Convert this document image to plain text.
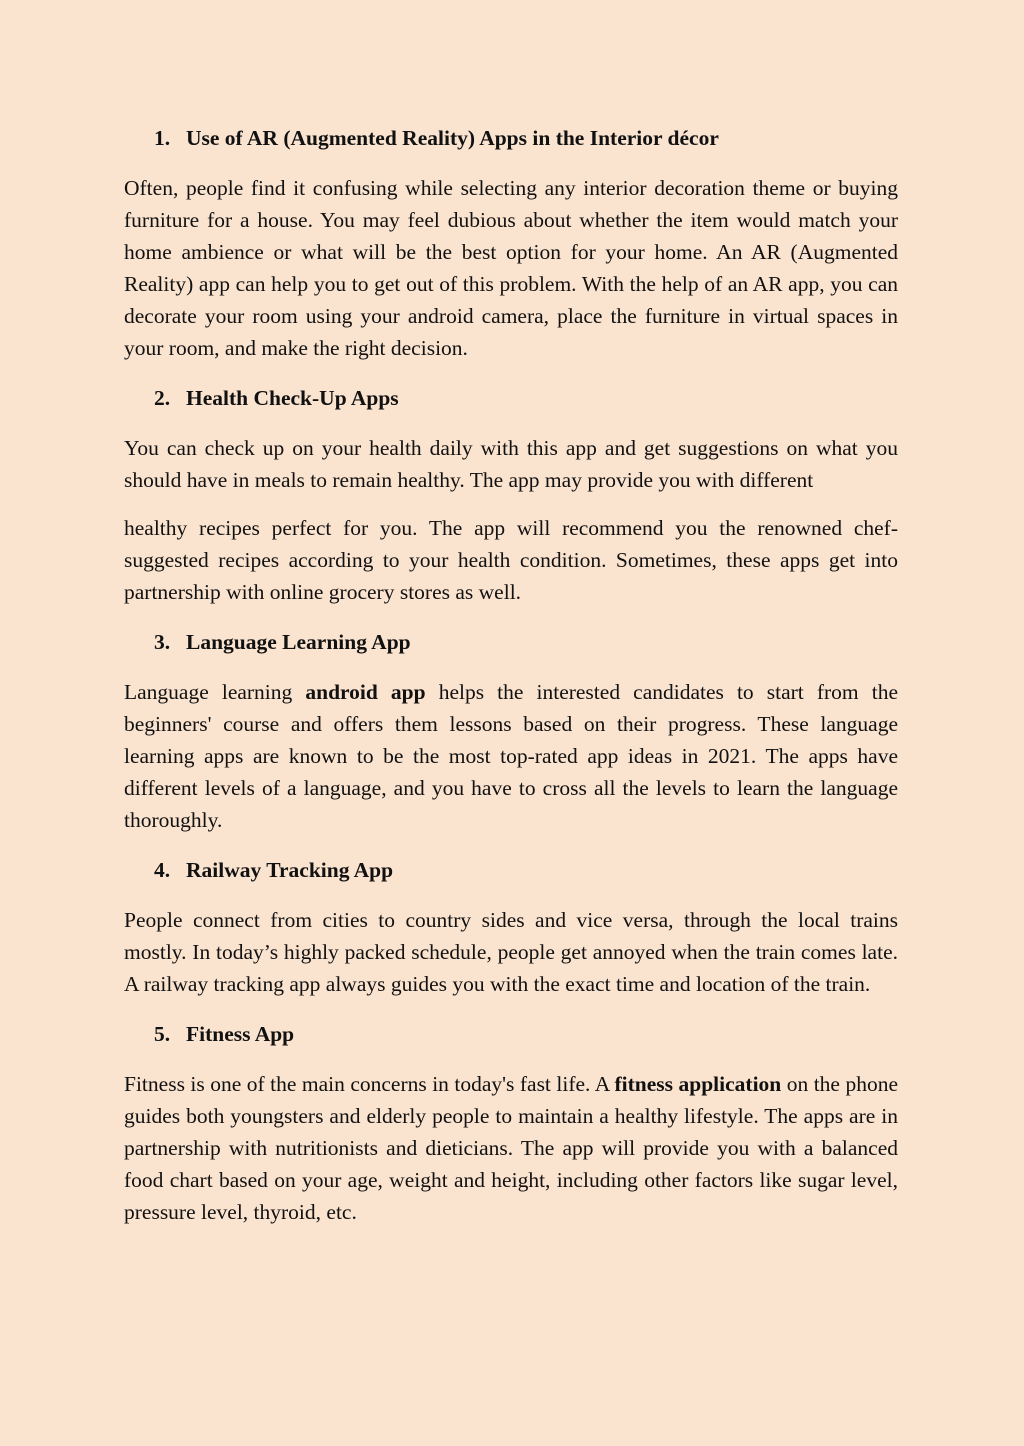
1. Use of AR (Augmented Reality) Apps in the Interior décor

Often, people find it confusing while selecting any interior decoration theme or buying furniture for a house. You may feel dubious about whether the item would match your home ambience or what will be the best option for your home. An AR (Augmented Reality) app can help you to get out of this problem. With the help of an AR app, you can decorate your room using your android camera, place the furniture in virtual spaces in your room, and make the right decision.

2. Health Check-Up Apps

You can check up on your health daily with this app and get suggestions on what you should have in meals to remain healthy. The app may provide you with different

healthy recipes perfect for you. The app will recommend you the renowned chef-suggested recipes according to your health condition. Sometimes, these apps get into partnership with online grocery stores as well.

3. Language Learning App

Language learning android app helps the interested candidates to start from the beginners' course and offers them lessons based on their progress. These language learning apps are known to be the most top-rated app ideas in 2021. The apps have different levels of a language, and you have to cross all the levels to learn the language thoroughly.

4. Railway Tracking App

People connect from cities to country sides and vice versa, through the local trains mostly. In today’s highly packed schedule, people get annoyed when the train comes late. A railway tracking app always guides you with the exact time and location of the train.

5. Fitness App

Fitness is one of the main concerns in today's fast life. A fitness application on the phone guides both youngsters and elderly people to maintain a healthy lifestyle. The apps are in partnership with nutritionists and dieticians. The app will provide you with a balanced food chart based on your age, weight and height, including other factors like sugar level, pressure level, thyroid, etc.
